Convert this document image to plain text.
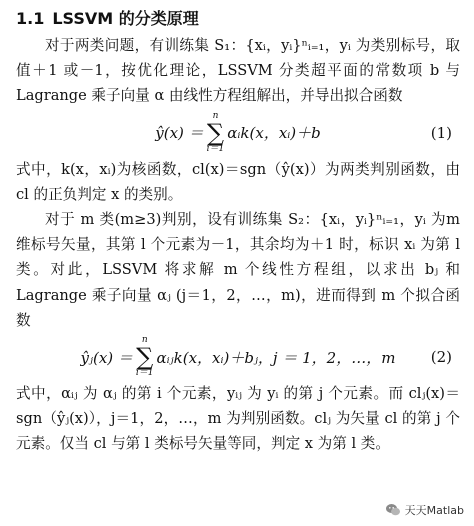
1.1 LSSVM 的分类原理

对于两类问题，有训练集 S₁：{xᵢ，yᵢ}ⁿᵢ₌₁，yᵢ 为类别标号，取值＋1 或－1，按优化理论，LSSVM 分类超平面的常数项 b 与 Lagrange 乘子向量 α 由线性方程组解出，并导出拟合函数

ŷ(x) ＝
n
∑
i＝1
αᵢk(x，xᵢ)＋b	(1)

式中，k(x，xᵢ)为核函数，cl(x)＝sgn（ŷ(x)）为两类判别函数，由 cl 的正负判定 x 的类别。

对于 m 类(m≥3)判别，设有训练集 S₂：{xᵢ，yᵢ}ⁿᵢ₌₁，yᵢ 为m 维标号矢量，其第 l 个元素为－1，其余均为＋1 时，标识 xᵢ 为第 l 类。对此，LSSVM 将求解 m 个线性方程组，以求出 bⱼ 和 Lagrange 乘子向量 αⱼ (j＝1，2，…，m)，进而得到 m 个拟合函数

ŷⱼ(x) ＝
n
∑
i＝1
αᵢⱼk(x，xᵢ)＋bⱼ，j ＝ 1，2，…，m (2)

式中，αᵢⱼ 为 αⱼ 的第 i 个元素，yᵢⱼ 为 yᵢ 的第 j 个元素。而 clⱼ(x)＝sgn（ŷⱼ(x)），j＝1，2，…，m 为判别函数。clⱼ 为矢量 cl 的第 j 个元素。仅当 cl 与第 l 类标号矢量等同，判定 x 为第 l 类。

天天Matlab
